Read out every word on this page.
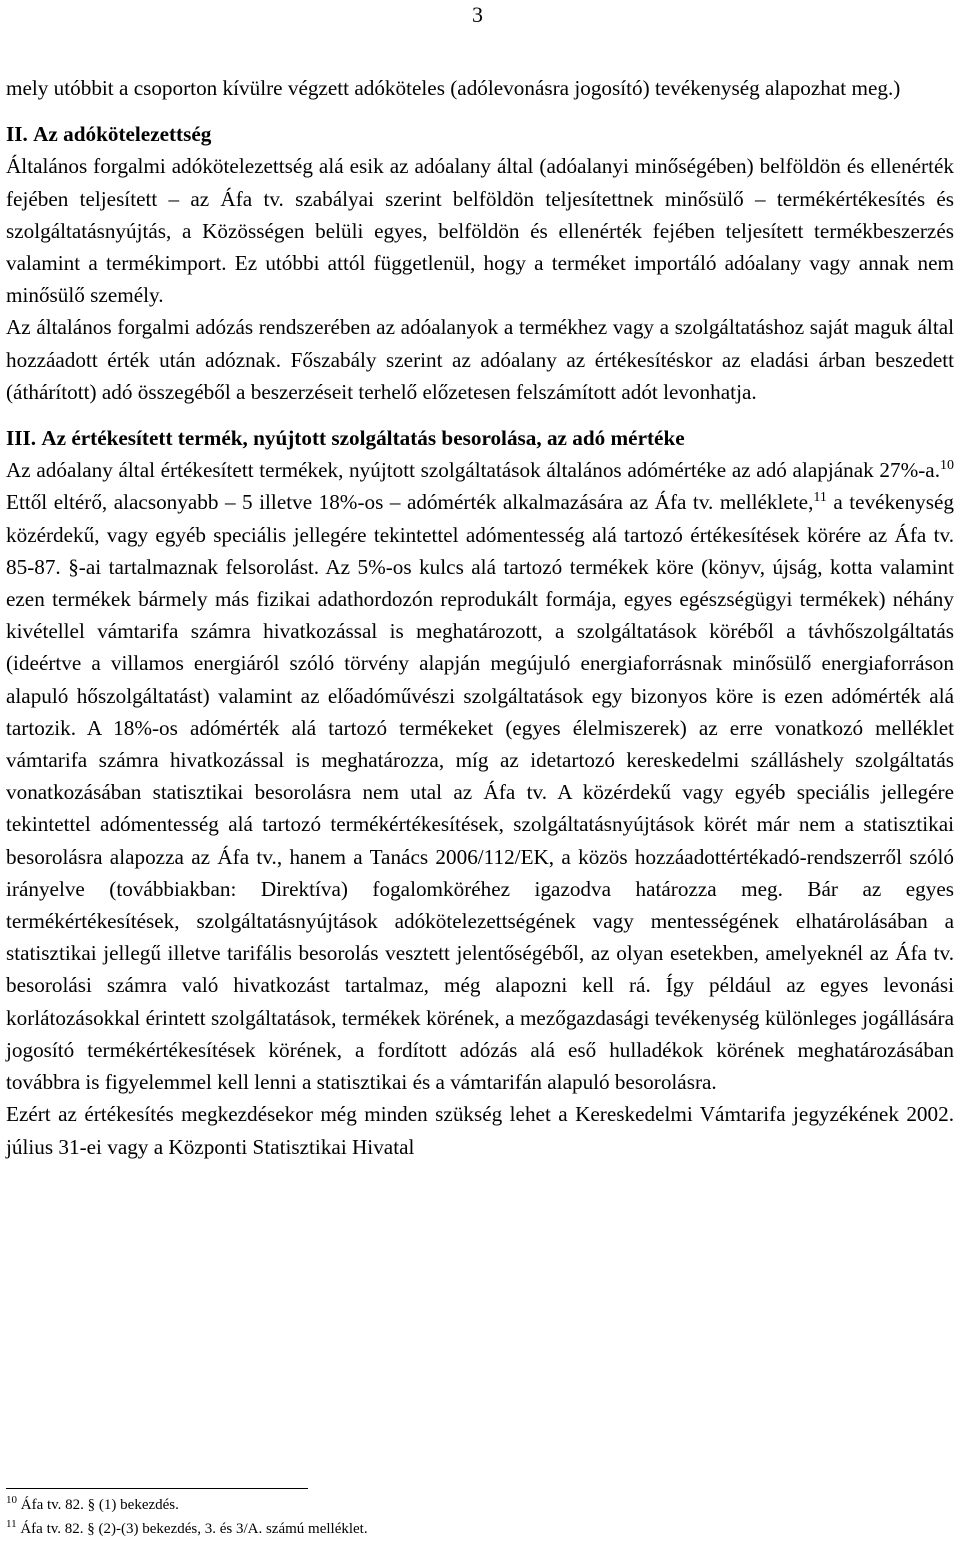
3

mely utóbbit a csoporton kívülre végzett adóköteles (adólevonásra jogosító) tevékenység alapozhat meg.)

II. Az adókötelezettség

Általános forgalmi adókötelezettség alá esik az adóalany által (adóalanyi minőségében) belföldön és ellenérték fejében teljesített – az Áfa tv. szabályai szerint belföldön teljesítettnek minősülő – termékértékesítés és szolgáltatásnyújtás, a Közösségen belüli egyes, belföldön és ellenérték fejében teljesített termékbeszerzés valamint a termékimport. Ez utóbbi attól függetlenül, hogy a terméket importáló adóalany vagy annak nem minősülő személy.

Az általános forgalmi adózás rendszerében az adóalanyok a termékhez vagy a szolgáltatáshoz saját maguk által hozzáadott érték után adóznak. Főszabály szerint az adóalany az értékesítéskor az eladási árban beszedett (áthárított) adó összegéből a beszerzéseit terhelő előzetesen felszámított adót levonhatja.

III. Az értékesített termék, nyújtott szolgáltatás besorolása, az adó mértéke

Az adóalany által értékesített termékek, nyújtott szolgáltatások általános adómértéke az adó alapjának 27%-a.$^{10}$ Ettől eltérő, alacsonyabb – 5 illetve 18%-os – adómérték alkalmazására az Áfa tv. melléklete,$^{11}$ a tevékenység közérdekű, vagy egyéb speciális jellegére tekintettel adómentesség alá tartozó értékesítések körére az Áfa tv. 85-87. §-ai tartalmaznak felsorolást. Az 5%-os kulcs alá tartozó termékek köre (könyv, újság, kotta valamint ezen termékek bármely más fizikai adathordozón reprodukált formája, egyes egészségügyi termékek) néhány kivétellel vámtarifa számra hivatkozással is meghatározott, a szolgáltatások köréből a távhőszolgáltatás (ideértve a villamos energiáról szóló törvény alapján megújuló energiaforrásnak minősülő energiaforráson alapuló hőszolgáltatást) valamint az előadóművészi szolgáltatások egy bizonyos köre is ezen adómérték alá tartozik. A 18%-os adómérték alá tartozó termékeket (egyes élelmiszerek) az erre vonatkozó melléklet vámtarifa számra hivatkozással is meghatározza, míg az idetartozó kereskedelmi szálláshely szolgáltatás vonatkozásában statisztikai besorolásra nem utal az Áfa tv. A közérdekű vagy egyéb speciális jellegére tekintettel adómentesség alá tartozó termékértékesítések, szolgáltatásnyújtások körét már nem a statisztikai besorolásra alapozza az Áfa tv., hanem a Tanács 2006/112/EK, a közös hozzáadottértékadó-rendszerről szóló irányelve (továbbiakban: Direktíva) fogalomköréhez igazodva határozza meg. Bár az egyes termékértékesítések, szolgáltatásnyújtások adókötelezettségének vagy mentességének elhatárolásában a statisztikai jellegű illetve tarifális besorolás vesztett jelentőségéből, az olyan esetekben, amelyeknél az Áfa tv. besorolási számra való hivatkozást tartalmaz, még alapozni kell rá. Így például az egyes levonási korlátozásokkal érintett szolgáltatások, termékek körének, a mezőgazdasági tevékenység különleges jogállására jogosító termékértékesítések körének, a fordított adózás alá eső hulladékok körének meghatározásában továbbra is figyelemmel kell lenni a statisztikai és a vámtarifán alapuló besorolásra.

Ezért az értékesítés megkezdésekor még minden szükség lehet a Kereskedelmi Vámtarifa jegyzékének 2002. július 31-ei vagy a Központi Statisztikai Hivatal

$^{10}$ Áfa tv. 82. § (1) bekezdés.
$^{11}$ Áfa tv. 82. § (2)-(3) bekezdés, 3. és 3/A. számú melléklet.
